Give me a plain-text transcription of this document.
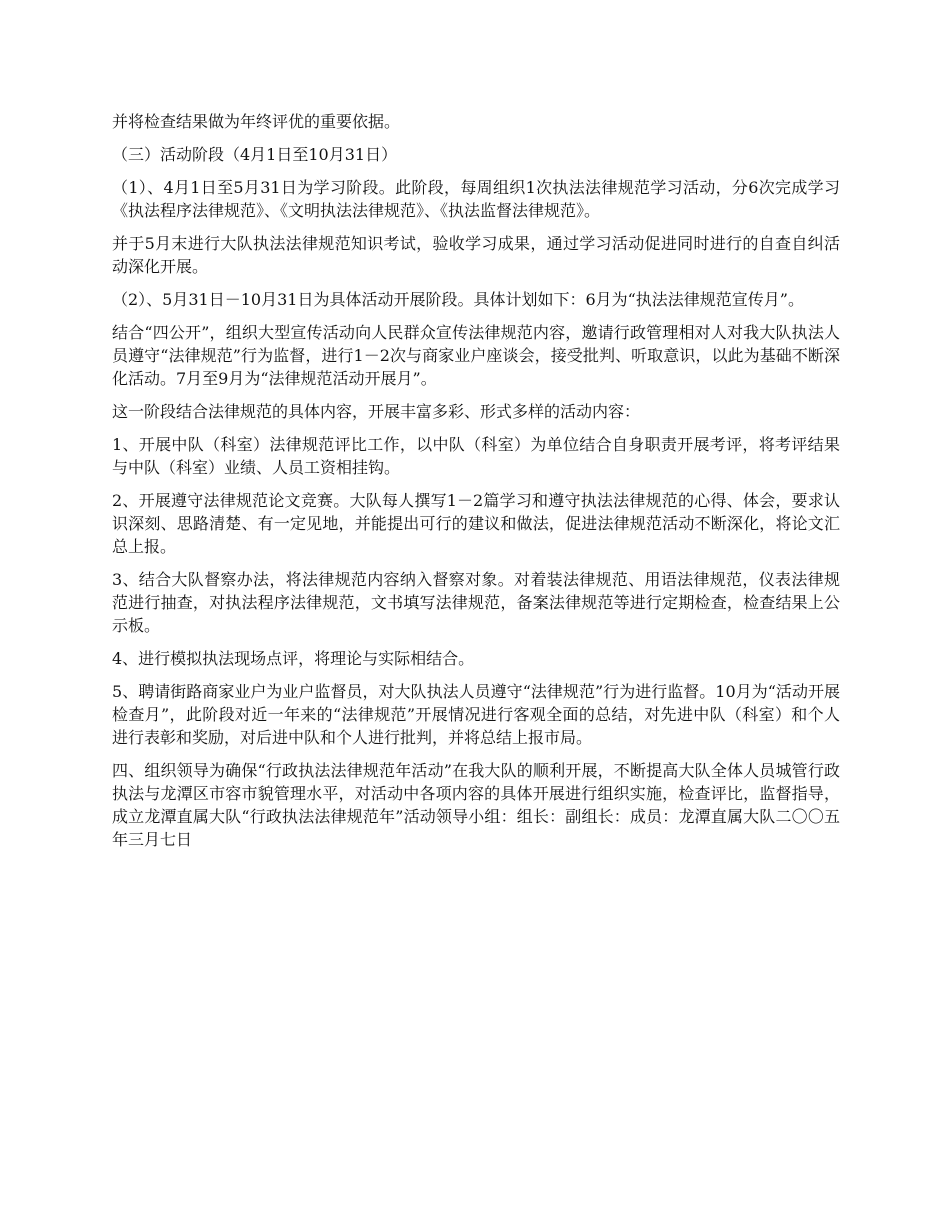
并将检查结果做为年终评优的重要依据。

（三）活动阶段（4月1日至10月31日）

（1）、4月1日至5月31日为学习阶段。此阶段，每周组织1次执法法律规范学习活动，分6次完成学习《执法程序法律规范》、《文明执法法律规范》、《执法监督法律规范》。

并于5月末进行大队执法法律规范知识考试，验收学习成果，通过学习活动促进同时进行的自查自纠活动深化开展。

（2）、5月31日－10月31日为具体活动开展阶段。具体计划如下：6月为“执法法律规范宣传月”。

结合“四公开”，组织大型宣传活动向人民群众宣传法律规范内容，邀请行政管理相对人对我大队执法人员遵守“法律规范”行为监督，进行1－2次与商家业户座谈会，接受批判、听取意识，以此为基础不断深化活动。7月至9月为“法律规范活动开展月”。

这一阶段结合法律规范的具体内容，开展丰富多彩、形式多样的活动内容：

1、开展中队（科室）法律规范评比工作，以中队（科室）为单位结合自身职责开展考评，将考评结果与中队（科室）业绩、人员工资相挂钩。

2、开展遵守法律规范论文竞赛。大队每人撰写1－2篇学习和遵守执法法律规范的心得、体会，要求认识深刻、思路清楚、有一定见地，并能提出可行的建议和做法，促进法律规范活动不断深化，将论文汇总上报。

3、结合大队督察办法，将法律规范内容纳入督察对象。对着装法律规范、用语法律规范，仪表法律规范进行抽查，对执法程序法律规范，文书填写法律规范，备案法律规范等进行定期检查，检查结果上公示板。

4、进行模拟执法现场点评，将理论与实际相结合。

5、聘请街路商家业户为业户监督员，对大队执法人员遵守“法律规范”行为进行监督。10月为“活动开展检查月”，此阶段对近一年来的“法律规范”开展情况进行客观全面的总结，对先进中队（科室）和个人进行表彰和奖励，对后进中队和个人进行批判，并将总结上报市局。

四、组织领导为确保“行政执法法律规范年活动”在我大队的顺利开展，不断提高大队全体人员城管行政执法与龙潭区市容市貌管理水平，对活动中各项内容的具体开展进行组织实施，检查评比，监督指导，成立龙潭直属大队“行政执法法律规范年”活动领导小组：组长：副组长：成员：龙潭直属大队二〇〇五年三月七日
